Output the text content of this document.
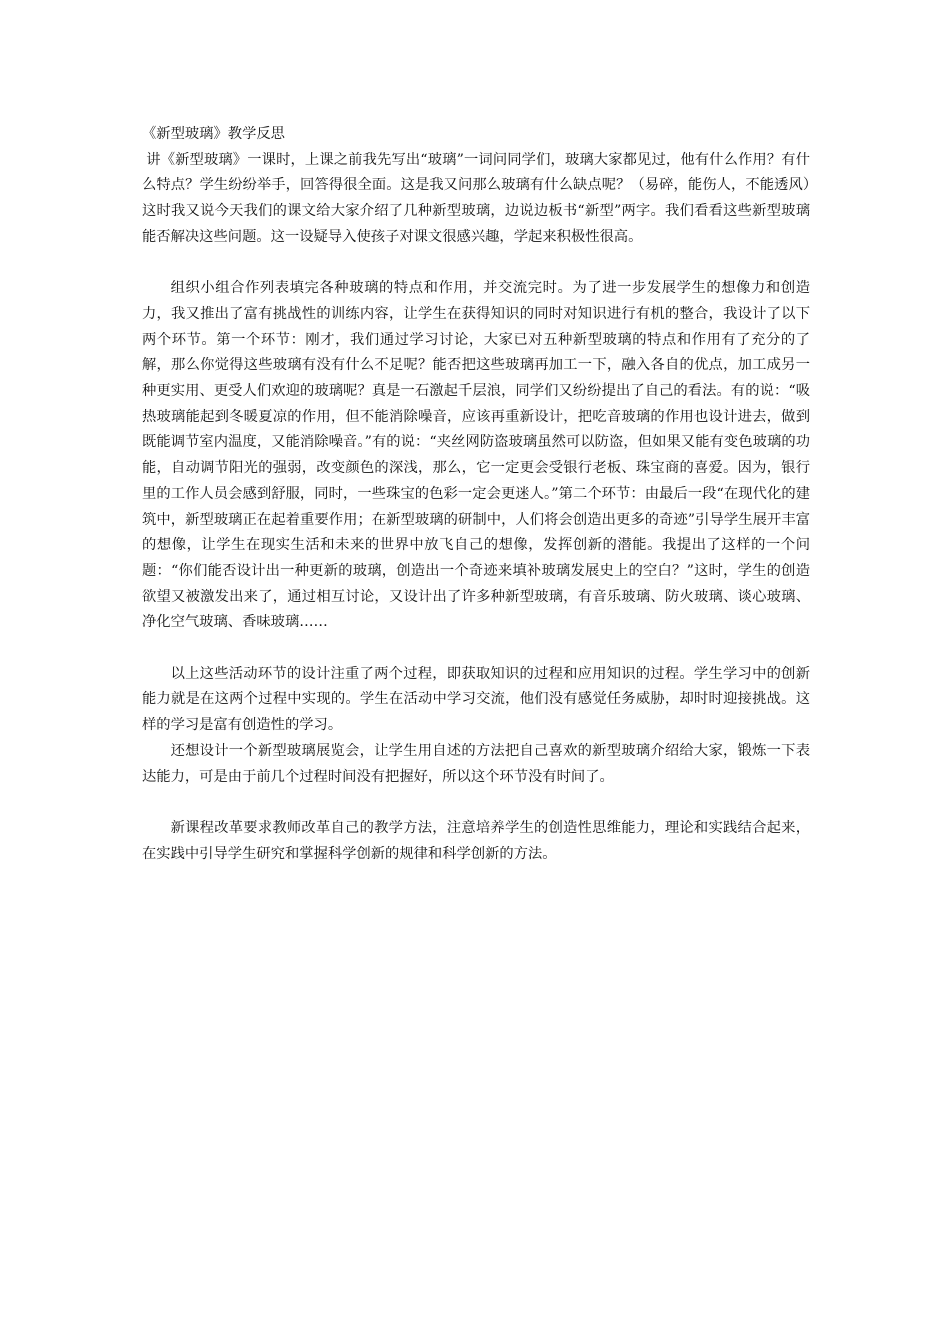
《新型玻璃》教学反思

讲《新型玻璃》一课时，上课之前我先写出“玻璃”一词问同学们，玻璃大家都见过，他有什么作用？有什么特点？学生纷纷举手，回答得很全面。这是我又问那么玻璃有什么缺点呢？（易碎，能伤人，不能透风）这时我又说今天我们的课文给大家介绍了几种新型玻璃，边说边板书“新型”两字。我们看看这些新型玻璃能否解决这些问题。这一设疑导入使孩子对课文很感兴趣，学起来积极性很高。

组织小组合作列表填完各种玻璃的特点和作用，并交流完时。为了进一步发展学生的想像力和创造力，我又推出了富有挑战性的训练内容，让学生在获得知识的同时对知识进行有机的整合，我设计了以下两个环节。第一个环节：刚才，我们通过学习讨论，大家已对五种新型玻璃的特点和作用有了充分的了解，那么你觉得这些玻璃有没有什么不足呢？能否把这些玻璃再加工一下，融入各自的优点，加工成另一种更实用、更受人们欢迎的玻璃呢？真是一石激起千层浪，同学们又纷纷提出了自己的看法。有的说：“吸热玻璃能起到冬暖夏凉的作用，但不能消除噪音，应该再重新设计，把吃音玻璃的作用也设计进去，做到既能调节室内温度，又能消除噪音。”有的说：“夹丝网防盗玻璃虽然可以防盗，但如果又能有变色玻璃的功能，自动调节阳光的强弱，改变颜色的深浅，那么，它一定更会受银行老板、珠宝商的喜爱。因为，银行里的工作人员会感到舒服，同时，一些珠宝的色彩一定会更迷人。”第二个环节：由最后一段“在现代化的建筑中，新型玻璃正在起着重要作用；在新型玻璃的研制中，人们将会创造出更多的奇迹”引导学生展开丰富的想像，让学生在现实生活和未来的世界中放飞自己的想像，发挥创新的潜能。我提出了这样的一个问题：“你们能否设计出一种更新的玻璃，创造出一个奇迹来填补玻璃发展史上的空白？”这时，学生的创造欲望又被激发出来了，通过相互讨论，又设计出了许多种新型玻璃，有音乐玻璃、防火玻璃、谈心玻璃、净化空气玻璃、香味玻璃……

以上这些活动环节的设计注重了两个过程，即获取知识的过程和应用知识的过程。学生学习中的创新能力就是在这两个过程中实现的。学生在活动中学习交流，他们没有感觉任务威胁，却时时迎接挑战。这样的学习是富有创造性的学习。

还想设计一个新型玻璃展览会，让学生用自述的方法把自己喜欢的新型玻璃介绍给大家，锻炼一下表达能力，可是由于前几个过程时间没有把握好，所以这个环节没有时间了。

新课程改革要求教师改革自己的教学方法，注意培养学生的创造性思维能力，理论和实践结合起来，在实践中引导学生研究和掌握科学创新的规律和科学创新的方法。
